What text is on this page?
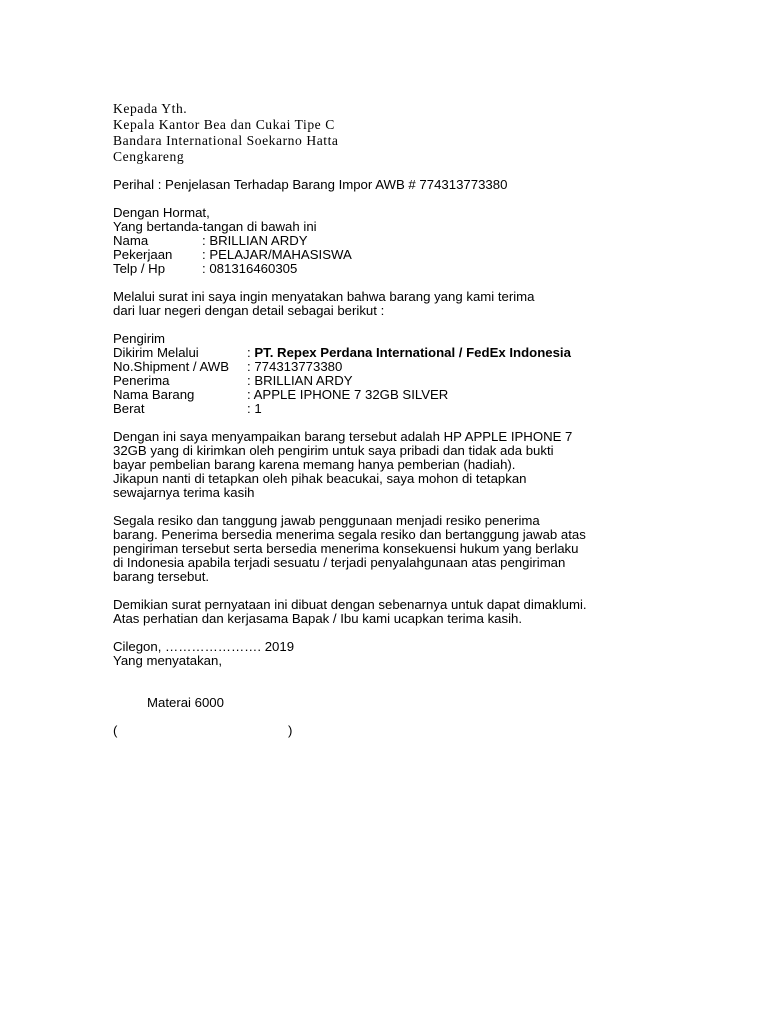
Kepada Yth.
Kepala Kantor Bea dan Cukai Tipe C
Bandara International Soekarno Hatta
Cengkareng
Perihal : Penjelasan Terhadap Barang Impor AWB # 774313773380
Dengan Hormat,
Yang bertanda-tangan di bawah ini
Nama	: BRILLIAN ARDY
Pekerjaan : PELAJAR/MAHASISWA
Telp / Hp	: 081316460305
Melalui surat ini saya ingin menyatakan bahwa barang yang kami terima
dari luar negeri dengan detail sebagai berikut :
Pengirim
Dikirim Melalui	: PT. Repex Perdana International / FedEx Indonesia
No.Shipment / AWB : 774313773380
Penerima	: BRILLIAN ARDY
Nama Barang	: APPLE IPHONE 7 32GB SILVER
Berat	: 1
Dengan ini saya menyampaikan barang tersebut adalah HP APPLE IPHONE 7
32GB yang di kirimkan oleh pengirim untuk saya pribadi dan tidak ada bukti
bayar pembelian barang karena memang hanya pemberian (hadiah).
Jikapun nanti di tetapkan oleh pihak beacukai, saya mohon di tetapkan
sewajarnya terima kasih
Segala resiko dan tanggung jawab penggunaan menjadi resiko penerima
barang. Penerima bersedia menerima segala resiko dan bertanggung jawab atas
pengiriman tersebut serta bersedia menerima konsekuensi hukum yang berlaku
di Indonesia apabila terjadi sesuatu / terjadi penyalahgunaan atas pengiriman
barang tersebut.
Demikian surat pernyataan ini dibuat dengan sebenarnya untuk dapat dimaklumi.
Atas perhatian dan kerjasama Bapak / Ibu kami ucapkan terima kasih.
Cilegon, …………………. 2019
Yang menyatakan,
Materai 6000
(	)
